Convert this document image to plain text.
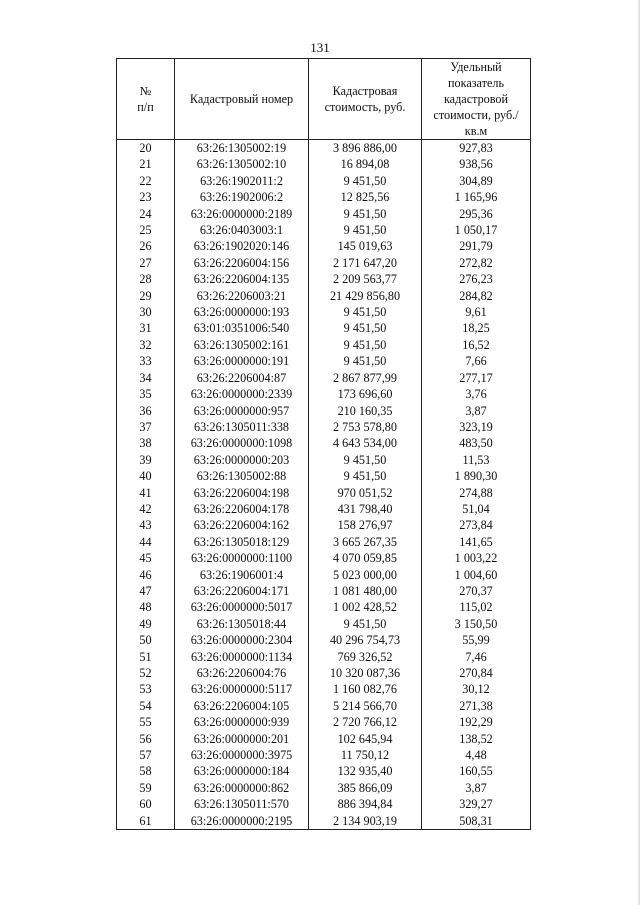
131
№
п/п	Кадастровый номер	Кадастровая стоимость, руб.	Удельный показатель кадастровой стоимости, руб./кв.м
20	63:26:1305002:19	3 896 886,00	927,83
21	63:26:1305002:10	16 894,08	938,56
22	63:26:1902011:2	9 451,50	304,89
23	63:26:1902006:2	12 825,56	1 165,96
24	63:26:0000000:2189	9 451,50	295,36
25	63:26:0403003:1	9 451,50	1 050,17
26	63:26:1902020:146	145 019,63	291,79
27	63:26:2206004:156	2 171 647,20	272,82
28	63:26:2206004:135	2 209 563,77	276,23
29	63:26:2206003:21	21 429 856,80	284,82
30	63:26:0000000:193	9 451,50	9,61
31	63:01:0351006:540	9 451,50	18,25
32	63:26:1305002:161	9 451,50	16,52
33	63:26:0000000:191	9 451,50	7,66
34	63:26:2206004:87	2 867 877,99	277,17
35	63:26:0000000:2339	173 696,60	3,76
36	63:26:0000000:957	210 160,35	3,87
37	63:26:1305011:338	2 753 578,80	323,19
38	63:26:0000000:1098	4 643 534,00	483,50
39	63:26:0000000:203	9 451,50	11,53
40	63:26:1305002:88	9 451,50	1 890,30
41	63:26:2206004:198	970 051,52	274,88
42	63:26:2206004:178	431 798,40	51,04
43	63:26:2206004:162	158 276,97	273,84
44	63:26:1305018:129	3 665 267,35	141,65
45	63:26:0000000:1100	4 070 059,85	1 003,22
46	63:26:1906001:4	5 023 000,00	1 004,60
47	63:26:2206004:171	1 081 480,00	270,37
48	63:26:0000000:5017	1 002 428,52	115,02
49	63:26:1305018:44	9 451,50	3 150,50
50	63:26:0000000:2304	40 296 754,73	55,99
51	63:26:0000000:1134	769 326,52	7,46
52	63:26:2206004:76	10 320 087,36	270,84
53	63:26:0000000:5117	1 160 082,76	30,12
54	63:26:2206004:105	5 214 566,70	271,38
55	63:26:0000000:939	2 720 766,12	192,29
56	63:26:0000000:201	102 645,94	138,52
57	63:26:0000000:3975	11 750,12	4,48
58	63:26:0000000:184	132 935,40	160,55
59	63:26:0000000:862	385 866,09	3,87
60	63:26:1305011:570	886 394,84	329,27
61	63:26:0000000:2195	2 134 903,19	508,31
